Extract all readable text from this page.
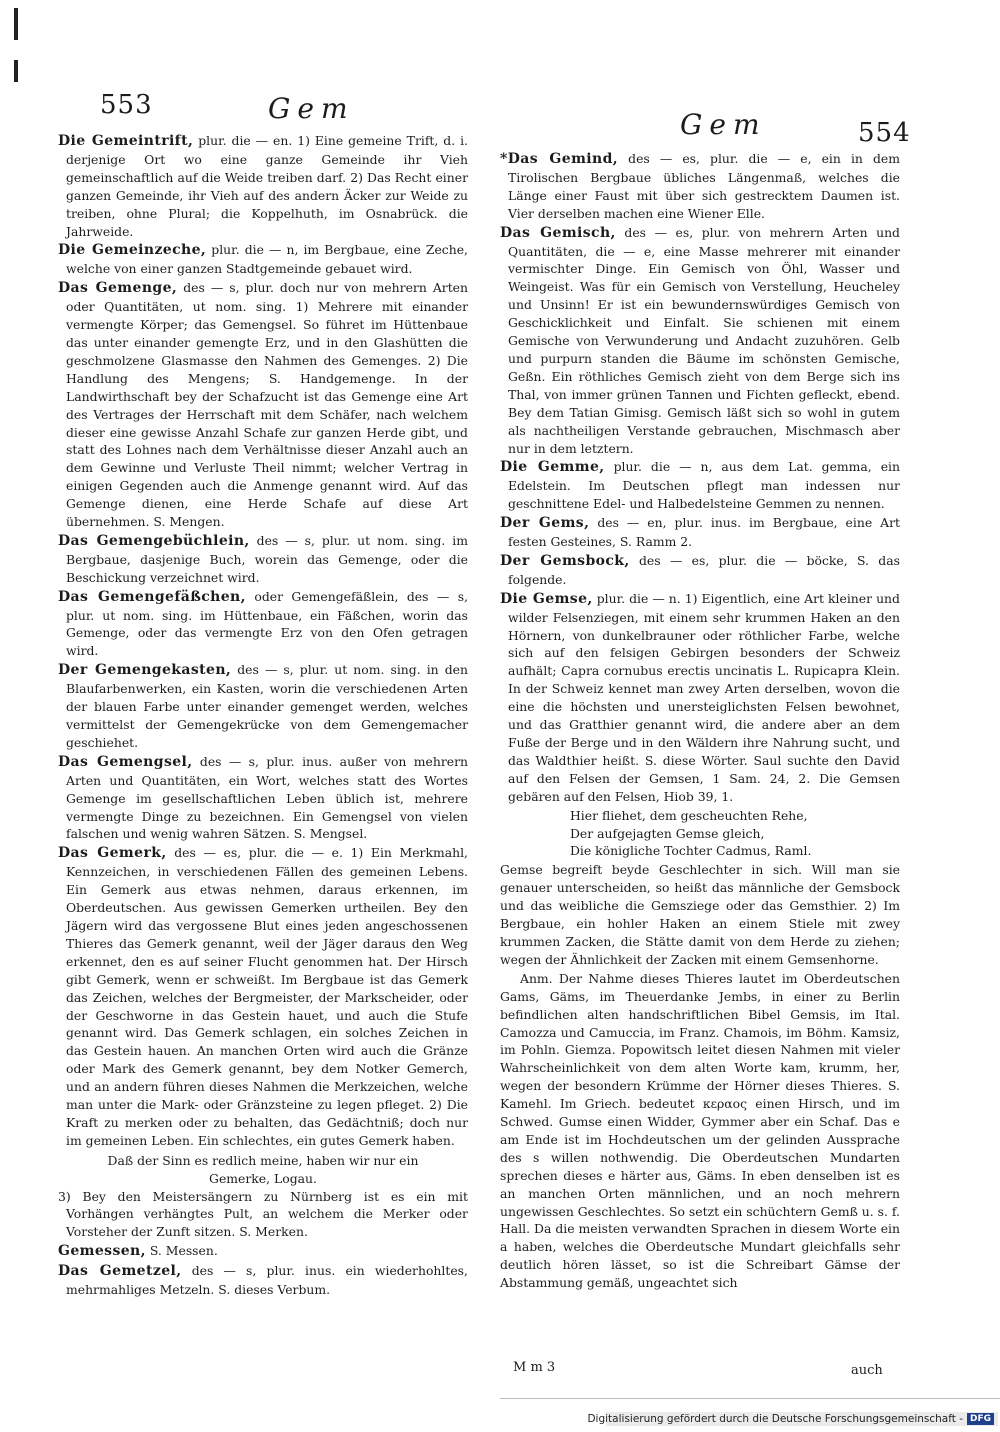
553	Gem	Gem	554

Die Gemeintrift, plur. die — en. 1) Eine gemeine Trift, d. i. derjenige Ort wo eine ganze Gemeinde ihr Vieh gemeinschaftlich auf die Weide treiben darf. 2) Das Recht einer ganzen Gemeinde, ihr Vieh auf des andern Äcker zur Weide zu treiben, ohne Plural; die Koppelhuth, im Osnabrück. die Jahrweide.

Die Gemeinzeche, plur. die — n, im Bergbaue, eine Zeche, welche von einer ganzen Stadtgemeinde gebauet wird.

Das Gemenge, des — s, plur. doch nur von mehrern Arten oder Quantitäten, ut nom. sing. 1) Mehrere mit einander vermengte Körper; das Gemengsel. So führet im Hüttenbaue das unter einander gemengte Erz, und in den Glashütten die geschmolzene Glasmasse den Nahmen des Gemenges. 2) Die Handlung des Mengens; S. Handgemenge. In der Landwirthschaft bey der Schafzucht ist das Gemenge eine Art des Vertrages der Herrschaft mit dem Schäfer, nach welchem dieser eine gewisse Anzahl Schafe zur ganzen Herde gibt, und statt des Lohnes nach dem Verhältnisse dieser Anzahl auch an dem Gewinne und Verluste Theil nimmt; welcher Vertrag in einigen Gegenden auch die Anmenge genannt wird. Auf das Gemenge dienen, eine Herde Schafe auf diese Art übernehmen. S. Mengen.

Das Gemengebüchlein, des — s, plur. ut nom. sing. im Bergbaue, dasjenige Buch, worein das Gemenge, oder die Beschickung verzeichnet wird.

Das Gemengefäßchen, oder Gemengefäßlein, des — s, plur. ut nom. sing. im Hüttenbaue, ein Fäßchen, worin das Gemenge, oder das vermengte Erz von den Ofen getragen wird.

Der Gemengekasten, des — s, plur. ut nom. sing. in den Blaufarbenwerken, ein Kasten, worin die verschiedenen Arten der blauen Farbe unter einander gemenget werden, welches vermittelst der Gemengekrücke von dem Gemengemacher geschiehet.

Das Gemengsel, des — s, plur. inus. außer von mehrern Arten und Quantitäten, ein Wort, welches statt des Wortes Gemenge im gesellschaftlichen Leben üblich ist, mehrere vermengte Dinge zu bezeichnen. Ein Gemengsel von vielen falschen und wenig wahren Sätzen. S. Mengsel.

Das Gemerk, des — es, plur. die — e. 1) Ein Merkmahl, Kennzeichen, in verschiedenen Fällen des gemeinen Lebens. Ein Gemerk aus etwas nehmen, daraus erkennen, im Oberdeutschen. Aus gewissen Gemerken urtheilen. Bey den Jägern wird das vergossene Blut eines jeden angeschossenen Thieres das Gemerk genannt, weil der Jäger daraus den Weg erkennet, den es auf seiner Flucht genommen hat. Der Hirsch gibt Gemerk, wenn er schweißt. Im Bergbaue ist das Gemerk das Zeichen, welches der Bergmeister, der Markscheider, oder der Geschworne in das Gestein hauet, und auch die Stufe genannt wird. Das Gemerk schlagen, ein solches Zeichen in das Gestein hauen. An manchen Orten wird auch die Gränze oder Mark des Gemerk genannt, bey dem Notker Gemerch, und an andern führen dieses Nahmen die Merkzeichen, welche man unter die Mark- oder Gränzsteine zu legen pfleget. 2) Die Kraft zu merken oder zu behalten, das Gedächtniß; doch nur im gemeinen Leben. Ein schlechtes, ein gutes Gemerk haben.

Daß der Sinn es redlich meine, haben wir nur ein

Gemerke, Logau.

3) Bey den Meistersängern zu Nürnberg ist es ein mit Vorhängen verhängtes Pult, an welchem die Merker oder Vorsteher der Zunft sitzen. S. Merken.

Gemessen, S. Messen.

Das Gemetzel, des — s, plur. inus. ein wiederhohltes, mehrmahliges Metzeln. S. dieses Verbum.

*Das Gemind, des — es, plur. die — e, ein in dem Tirolischen Bergbaue übliches Längenmaß, welches die Länge einer Faust mit über sich gestrecktem Daumen ist. Vier derselben machen eine Wiener Elle.

Das Gemisch, des — es, plur. von mehrern Arten und Quantitäten, die — e, eine Masse mehrerer mit einander vermischter Dinge. Ein Gemisch von Öhl, Wasser und Weingeist. Was für ein Gemisch von Verstellung, Heucheley und Unsinn! Er ist ein bewundernswürdiges Gemisch von Geschicklichkeit und Einfalt. Sie schienen mit einem Gemische von Verwunderung und Andacht zuzuhören. Gelb und purpurn standen die Bäume im schönsten Gemische, Geßn. Ein röthliches Gemisch zieht von dem Berge sich ins Thal, von immer grünen Tannen und Fichten gefleckt, ebend. Bey dem Tatian Gimisg. Gemisch läßt sich so wohl in gutem als nachtheiligen Verstande gebrauchen, Mischmasch aber nur in dem letztern.

Die Gemme, plur. die — n, aus dem Lat. gemma, ein Edelstein. Im Deutschen pflegt man indessen nur geschnittene Edel- und Halbedelsteine Gemmen zu nennen.

Der Gems, des — en, plur. inus. im Bergbaue, eine Art festen Gesteines, S. Ramm 2.

Der Gemsbock, des — es, plur. die — böcke, S. das folgende.

Die Gemse, plur. die — n. 1) Eigentlich, eine Art kleiner und wilder Felsenziegen, mit einem sehr krummen Haken an den Hörnern, von dunkelbrauner oder röthlicher Farbe, welche sich auf den felsigen Gebirgen besonders der Schweiz aufhält; Capra cornubus erectis uncinatis L. Rupicapra Klein. In der Schweiz kennet man zwey Arten derselben, wovon die eine die höchsten und unersteiglichsten Felsen bewohnet, und das Gratthier genannt wird, die andere aber an dem Fuße der Berge und in den Wäldern ihre Nahrung sucht, und das Waldthier heißt. S. diese Wörter. Saul suchte den David auf den Felsen der Gemsen, 1 Sam. 24, 2. Die Gemsen gebären auf den Felsen, Hiob 39, 1.

Hier fliehet, dem gescheuchten Rehe,

Der aufgejagten Gemse gleich,

Die königliche Tochter Cadmus, Raml.

Gemse begreift beyde Geschlechter in sich. Will man sie genauer unterscheiden, so heißt das männliche der Gemsbock und das weibliche die Gemsziege oder das Gemsthier. 2) Im Bergbaue, ein hohler Haken an einem Stiele mit zwey krummen Zacken, die Stätte damit von dem Herde zu ziehen; wegen der Ähnlichkeit der Zacken mit einem Gemsenhorne.

Anm. Der Nahme dieses Thieres lautet im Oberdeutschen Gams, Gäms, im Theuerdanke Jembs, in einer zu Berlin befindlichen alten handschriftlichen Bibel Gemsis, im Ital. Camozza und Camuccia, im Franz. Chamois, im Böhm. Kamsiz, im Pohln. Giemza. Popowitsch leitet diesen Nahmen mit vieler Wahrscheinlichkeit von dem alten Worte kam, krumm, her, wegen der besondern Krümme der Hörner dieses Thieres. S. Kamehl. Im Griech. bedeutet κεραος einen Hirsch, und im Schwed. Gumse einen Widder, Gymmer aber ein Schaf. Das e am Ende ist im Hochdeutschen um der gelinden Aussprache des s willen nothwendig. Die Oberdeutschen Mundarten sprechen dieses e härter aus, Gäms. In eben denselben ist es an manchen Orten männlichen, und an noch mehrern ungewissen Geschlechtes. So setzt ein schüchtern Gemß u. s. f. Hall. Da die meisten verwandten Sprachen in diesem Worte ein a haben, welches die Oberdeutsche Mundart gleichfalls sehr deutlich hören lässet, so ist die Schreibart Gämse der Abstammung gemäß, ungeachtet sich

M m 3	auch
Digitalisierung gefördert durch die Deutsche Forschungsgemeinschaft - DFG
